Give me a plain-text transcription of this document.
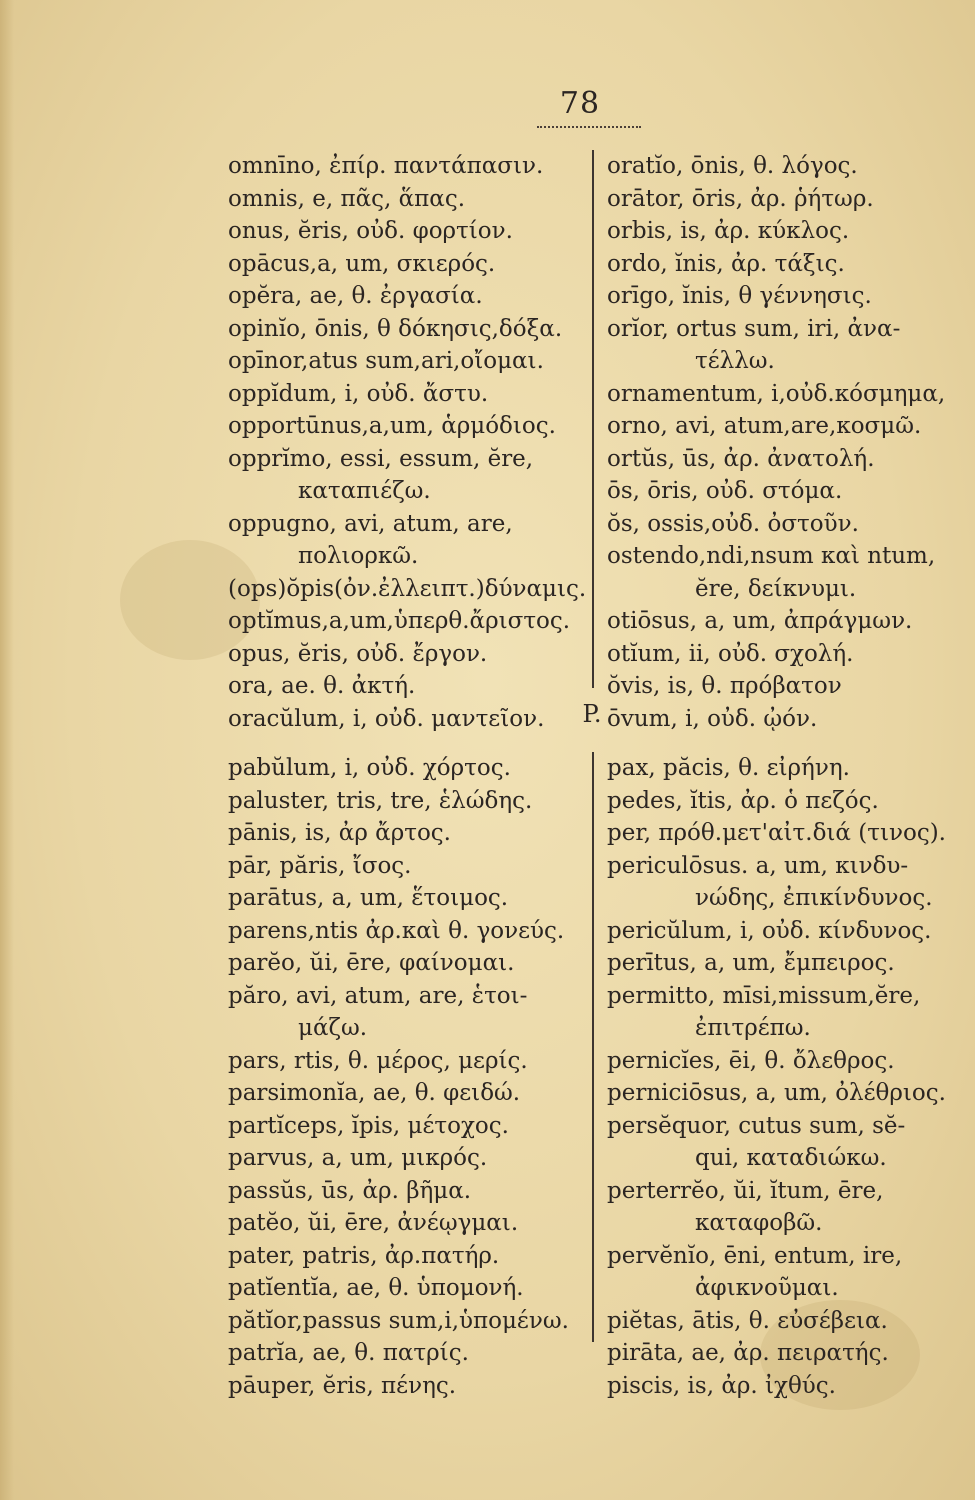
78
omnīno, ἐπίρ. παντάπασιν.
omnis, e, πᾶς, ἅπας.
onus, ĕris, οὐδ. φορτίον.
opācus,a, um, σκιερός.
opĕra, ae, θ. ἐργασία.
opinĭo, ōnis, θ δόκησις,δόξα.
opīnor,atus sum,ari,οἴομαι.
oppĭdum, i, οὐδ. ἄστυ.
opportūnus,a,um, ἁρμόδιος.
opprĭmo, essi, essum, ĕre,
καταπιέζω.
oppugno, avi, atum, are,
πολιορκῶ.
(ops)ŏpis(ὀν.ἐλλειπτ.)δύναμις.
optĭmus,a,um,ὑπερθ.ἄριστος.
opus, ĕris, οὐδ. ἔργον.
ora, ae. θ. ἀκτή.
oracŭlum, i, οὐδ. μαντεῖον.
oratĭo, ōnis, θ. λόγος.
orātor, ōris, ἀρ. ῥήτωρ.
orbis, is, ἀρ. κύκλος.
ordo, ĭnis, ἀρ. τάξις.
orīgo, ĭnis, θ γέννησις.
orĭor, ortus sum, iri, ἀνα-
τέλλω.
ornamentum, i,οὐδ.κόσμημα,
orno, avi, atum,are,κοσμῶ.
ortŭs, ūs, ἀρ. ἀνατολή.
ōs, ōris, οὐδ. στόμα.
ŏs, ossis,οὐδ. ὀστοῦν.
ostendo,ndi,nsum καὶ ntum,
ĕre, δείκνυμι.
otiōsus, a, um, ἀπράγμων.
otĭum, ii, οὐδ. σχολή.
ŏvis, is, θ. πρόβατον
ōvum, i, οὐδ. ᾠόν.
P.
pabŭlum, i, οὐδ. χόρτος.
paluster, tris, tre, ἑλώδης.
pānis, is, ἀρ ἄρτος.
pār, păris, ἴσος.
parātus, a, um, ἕτοιμος.
parens,ntis ἀρ.καὶ θ. γονεύς.
parĕo, ŭi, ēre, φαίνομαι.
păro, avi, atum, are, ἑτοι-
μάζω.
pars, rtis, θ. μέρος, μερίς.
parsimonĭa, ae, θ. φειδώ.
partĭceps, ĭpis, μέτοχος.
parvus, a, um, μικρός.
passŭs, ūs, ἀρ. βῆμα.
patĕo, ŭi, ēre, ἀνέῳγμαι.
pater, patris, ἀρ.πατήρ.
patĭentĭa, ae, θ. ὑπομονή.
pătĭor,passus sum,i,ὑπομένω.
patrĭa, ae, θ. πατρίς.
pāuper, ĕris, πένης.
pax, păcis, θ. εἰρήνη.
pedes, ĭtis, ἀρ. ὁ πεζός.
per, πρόθ.μετ'αἰτ.διά (τινος).
periculōsus. a, um, κινδυ-
νώδης, ἐπικίνδυνος.
pericŭlum, i, οὐδ. κίνδυνος.
perītus, a, um, ἔμπειρος.
permitto, mīsi,missum,ĕre,
ἐπιτρέπω.
pernicĭes, ēi, θ. ὄλεθρος.
perniciōsus, a, um, ὀλέθριος.
persĕquor, cutus sum, sĕ-
qui, καταδιώκω.
perterrĕo, ŭi, ĭtum, ēre,
καταφοβῶ.
pervĕnĭo, ēni, entum, ire,
ἀφικνοῦμαι.
piĕtas, ātis, θ. εὐσέβεια.
pirāta, ae, ἀρ. πειρατής.
piscis, is, ἀρ. ἰχθύς.
